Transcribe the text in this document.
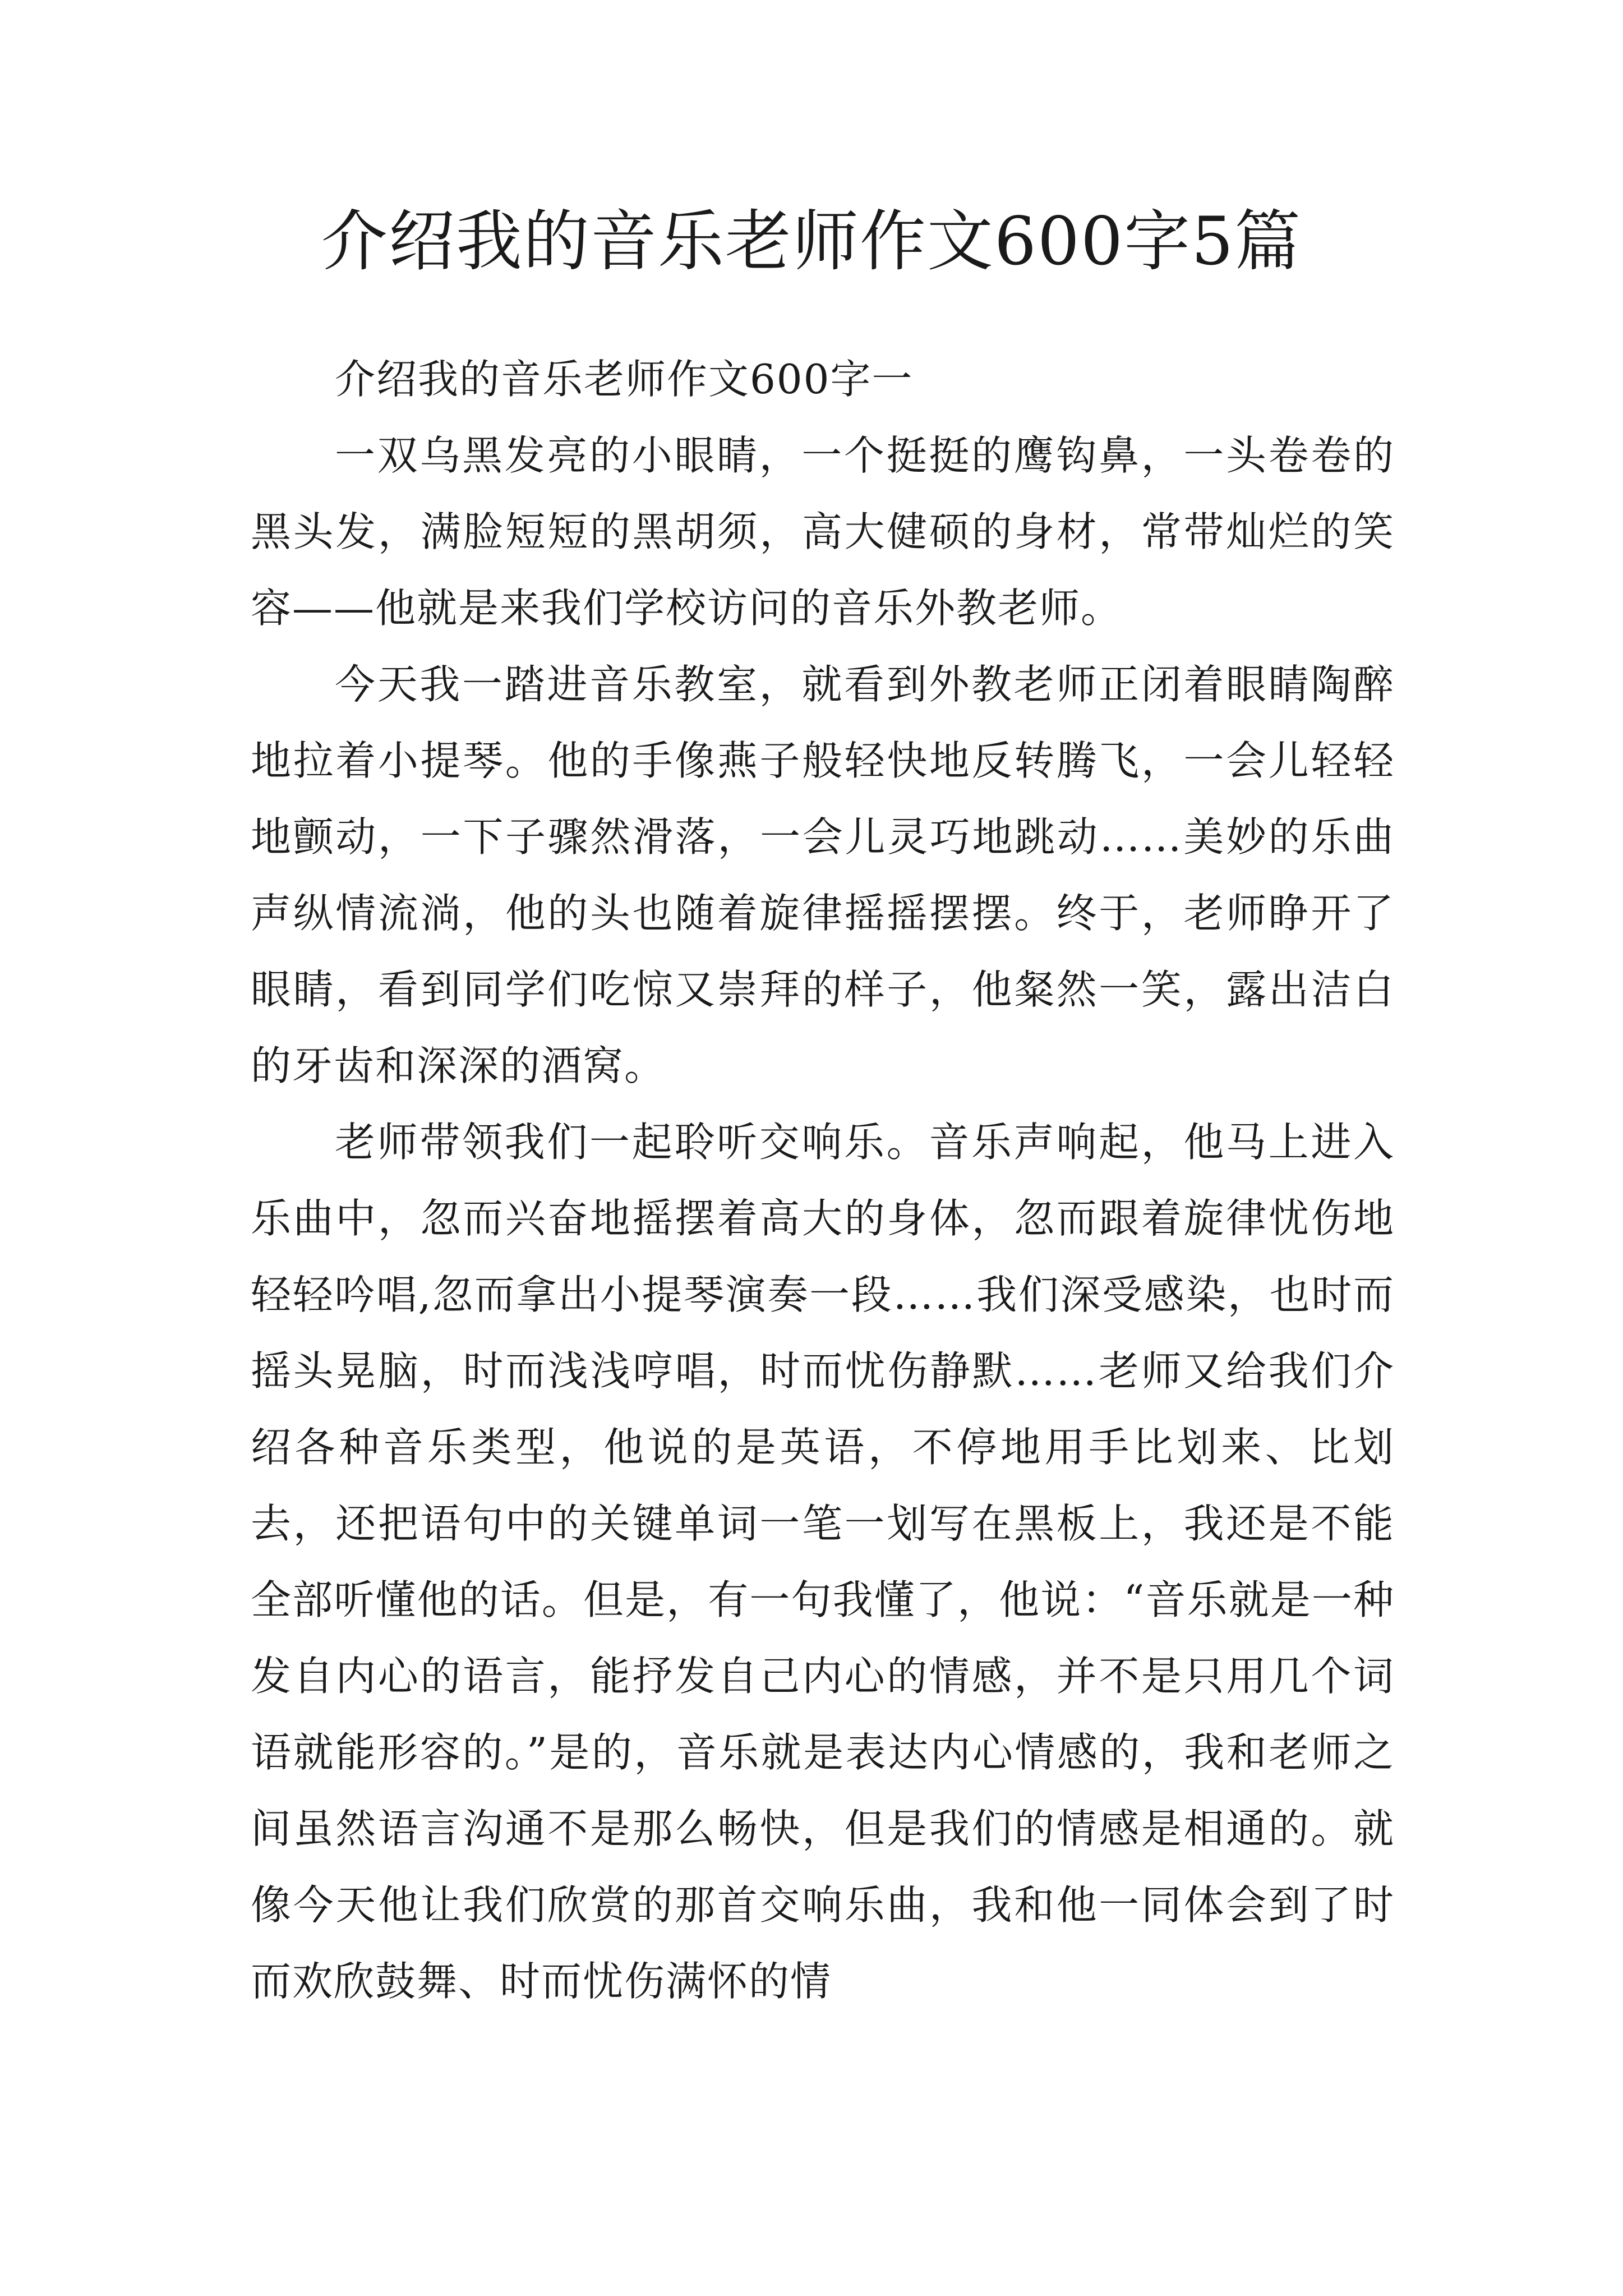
介绍我的音乐老师作文600字5篇

介绍我的音乐老师作文600字一

一双乌黑发亮的小眼睛，一个挺挺的鹰钩鼻，一头卷卷的黑头发，满脸短短的黑胡须，高大健硕的身材，常带灿烂的笑容——他就是来我们学校访问的音乐外教老师。

今天我一踏进音乐教室，就看到外教老师正闭着眼睛陶醉地拉着小提琴。他的手像燕子般轻快地反转腾飞，一会儿轻轻地颤动，一下子骤然滑落，一会儿灵巧地跳动……美妙的乐曲声纵情流淌，他的头也随着旋律摇摇摆摆。终于，老师睁开了眼睛，看到同学们吃惊又崇拜的样子，他粲然一笑，露出洁白的牙齿和深深的酒窝。

老师带领我们一起聆听交响乐。音乐声响起，他马上进入乐曲中，忽而兴奋地摇摆着高大的身体，忽而跟着旋律忧伤地轻轻吟唱,忽而拿出小提琴演奏一段……我们深受感染，也时而摇头晃脑，时而浅浅哼唱，时而忧伤静默……老师又给我们介绍各种音乐类型，他说的是英语，不停地用手比划来、比划去，还把语句中的关键单词一笔一划写在黑板上，我还是不能全部听懂他的话。但是，有一句我懂了，他说：“音乐就是一种发自内心的语言，能抒发自己内心的情感，并不是只用几个词语就能形容的。”是的，音乐就是表达内心情感的，我和老师之间虽然语言沟通不是那么畅快，但是我们的情感是相通的。就像今天他让我们欣赏的那首交响乐曲，我和他一同体会到了时而欢欣鼓舞、时而忧伤满怀的情
